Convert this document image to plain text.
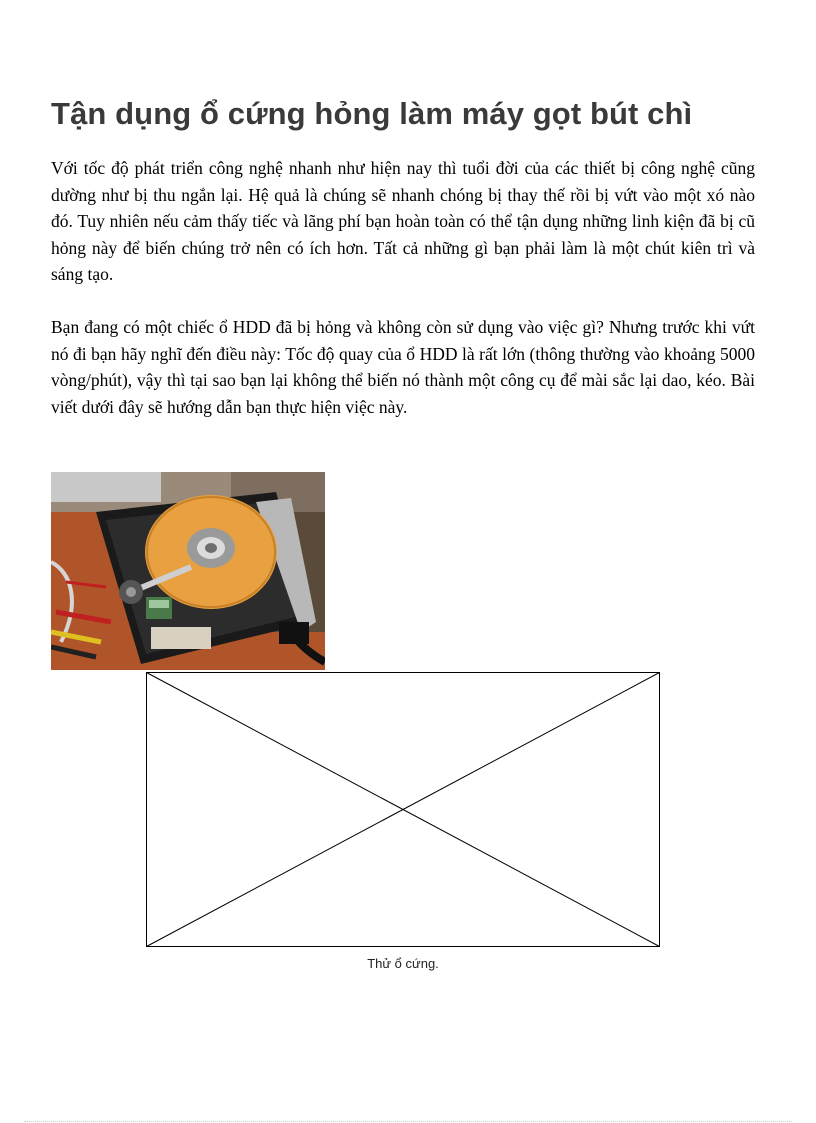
Tận dụng ổ cứng hỏng làm máy gọt bút chì

Với tốc độ phát triển công nghệ nhanh như hiện nay thì tuổi đời của các thiết bị công nghệ cũng dường như bị thu ngắn lại. Hệ quả là chúng sẽ nhanh chóng bị thay thế rồi bị vứt vào một xó nào đó. Tuy nhiên nếu cảm thấy tiếc và lãng phí bạn hoàn toàn có thể tận dụng những linh kiện đã bị cũ hỏng này để biến chúng trở nên có ích hơn. Tất cả những gì bạn phải làm là một chút kiên trì và sáng tạo.

Bạn đang có một chiếc ổ HDD đã bị hỏng và không còn sử dụng vào việc gì? Nhưng trước khi vứt nó đi bạn hãy nghĩ đến điều này: Tốc độ quay của ổ HDD là rất lớn (thông thường vào khoảng 5000 vòng/phút), vậy thì tại sao bạn lại không thể biến nó thành một công cụ để mài sắc lại dao, kéo. Bài viết dưới đây sẽ hướng dẫn bạn thực hiện việc này.

Thử ổ cứng.
